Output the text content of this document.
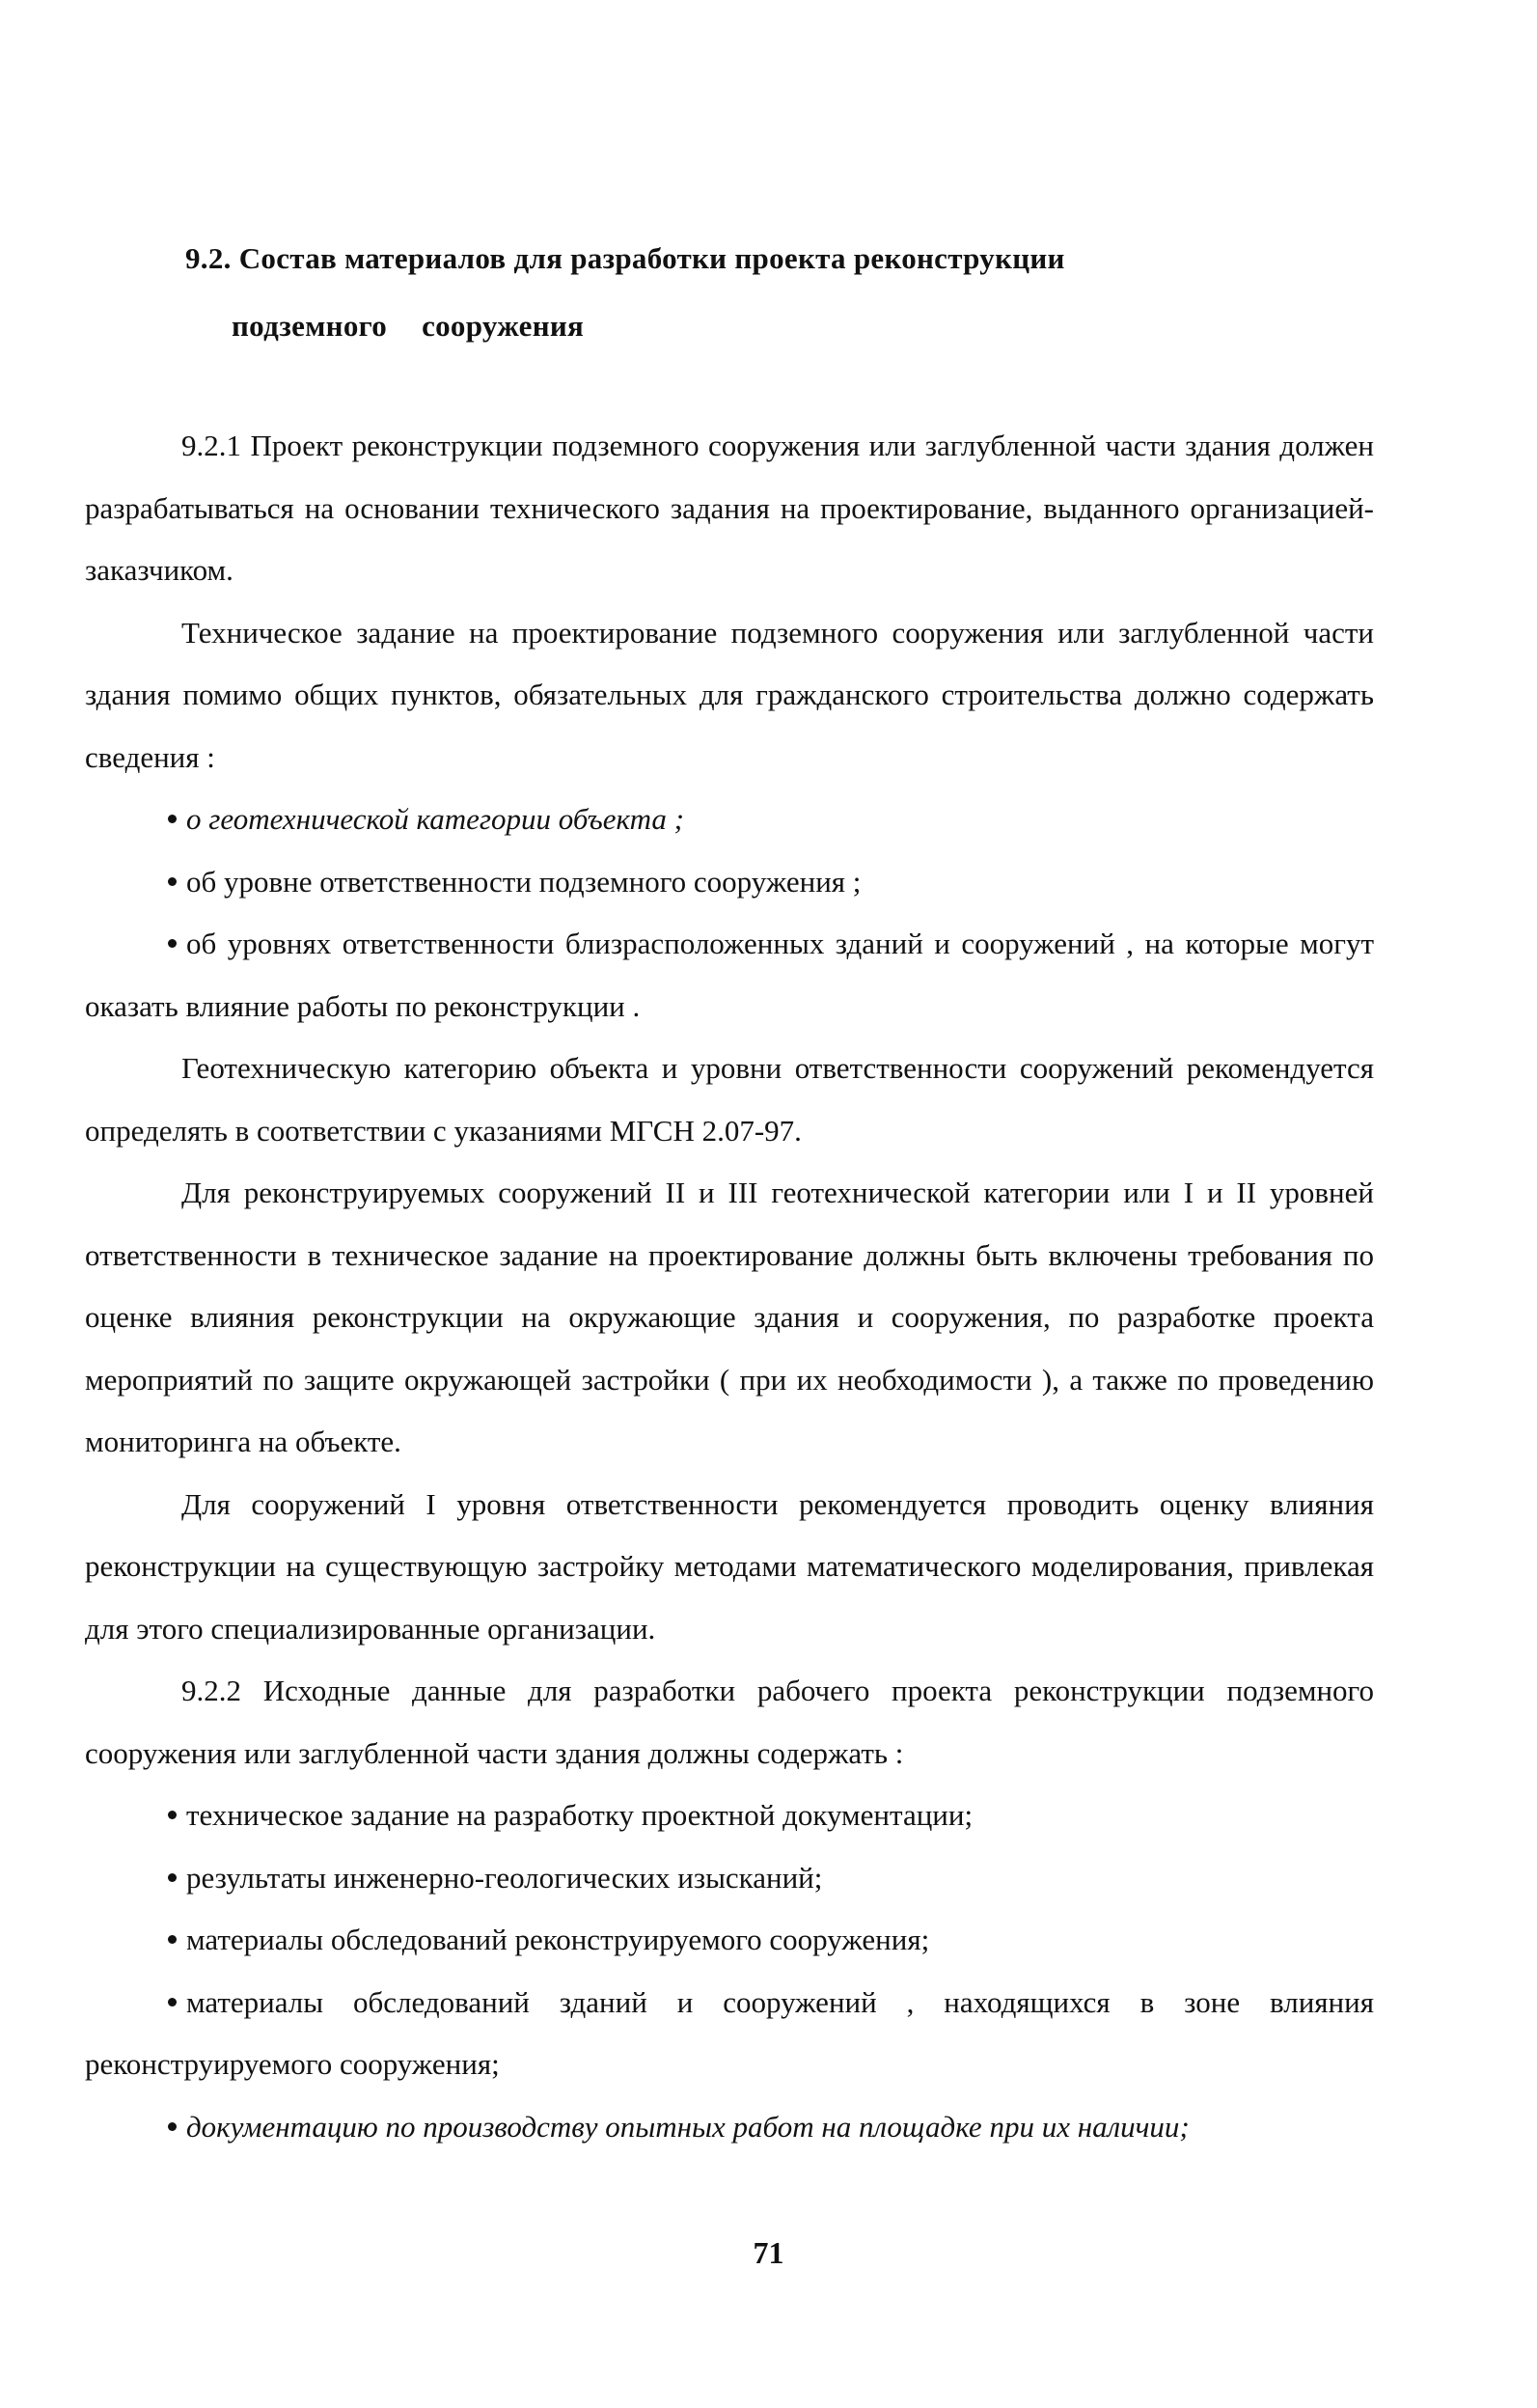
9.2. Состав материалов для разработки проекта реконструкции
подземного сооружения

9.2.1 Проект реконструкции подземного сооружения или заглубленной части здания должен разрабатываться на основании технического задания на проектирование, выданного организацией-заказчиком.

Техническое задание на проектирование подземного сооружения или заглубленной части здания помимо общих пунктов, обязательных для гражданского строительства должно содержать сведения :

о геотехнической категории объекта ;

об уровне ответственности подземного сооружения ;

об уровнях ответственности близрасположенных зданий и сооружений , на которые могут оказать влияние работы по реконструкции .

Геотехническую категорию объекта и уровни ответственности сооружений рекомендуется определять в соответствии с указаниями МГСН 2.07-97.

Для реконструируемых сооружений II и III геотехнической категории или I и II уровней ответственности в техническое задание на проектирование должны быть включены требования по оценке влияния реконструкции на окружающие здания и сооружения, по разработке проекта мероприятий по защите окружающей застройки ( при их необходимости ), а также по проведению мониторинга на объекте.

Для сооружений I уровня ответственности рекомендуется проводить оценку влияния реконструкции на существующую застройку методами математического моделирования, привлекая для этого специализированные организации.

9.2.2 Исходные данные для разработки рабочего проекта реконструкции подземного сооружения или заглубленной части здания должны содержать :

техническое задание на разработку проектной документации;

результаты инженерно-геологических изысканий;

материалы обследований реконструируемого сооружения;

материалы обследований зданий и сооружений , находящихся в зоне влияния реконструируемого сооружения;

документацию по производству опытных работ на площадке при их наличии;

71
